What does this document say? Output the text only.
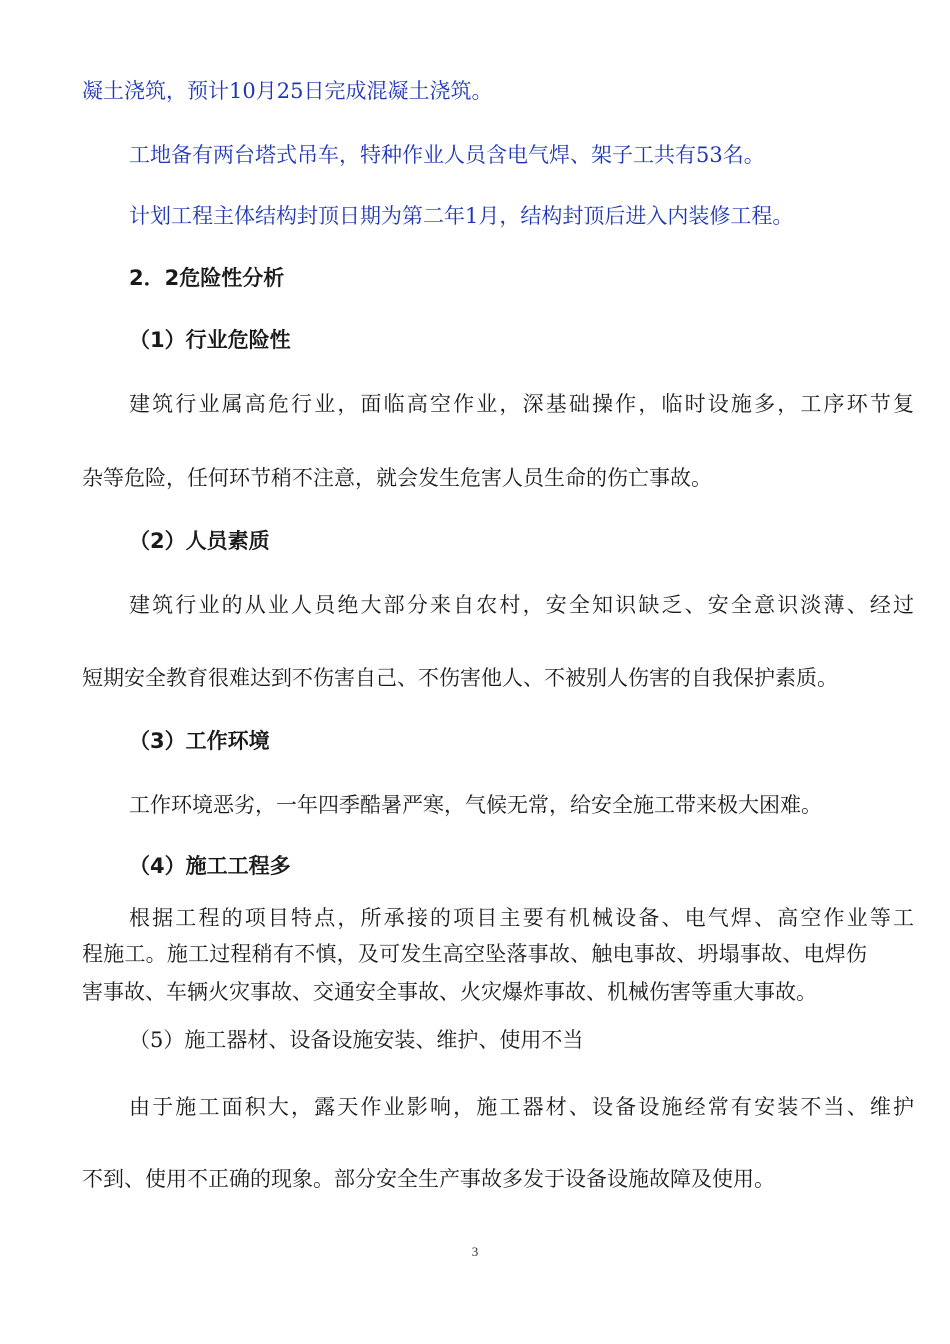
凝土浇筑，预计10月25日完成混凝土浇筑。
工地备有两台塔式吊车，特种作业人员含电气焊、架子工共有53名。
计划工程主体结构封顶日期为第二年1月，结构封顶后进入内装修工程。
2．2危险性分析
（1）行业危险性
建筑行业属高危行业，面临高空作业，深基础操作，临时设施多，工序环节复
杂等危险，任何环节稍不注意，就会发生危害人员生命的伤亡事故。
（2）人员素质
建筑行业的从业人员绝大部分来自农村，安全知识缺乏、安全意识淡薄、经过
短期安全教育很难达到不伤害自己、不伤害他人、不被别人伤害的自我保护素质。
（3）工作环境
工作环境恶劣，一年四季酷暑严寒，气候无常，给安全施工带来极大困难。
（4）施工工程多
根据工程的项目特点，所承接的项目主要有机械设备、电气焊、高空作业等工
程施工。施工过程稍有不慎，及可发生高空坠落事故、触电事故、坍塌事故、电焊伤
害事故、车辆火灾事故、交通安全事故、火灾爆炸事故、机械伤害等重大事故。
（5）施工器材、设备设施安装、维护、使用不当
由于施工面积大，露天作业影响，施工器材、设备设施经常有安装不当、维护
不到、使用不正确的现象。部分安全生产事故多发于设备设施故障及使用。
3
